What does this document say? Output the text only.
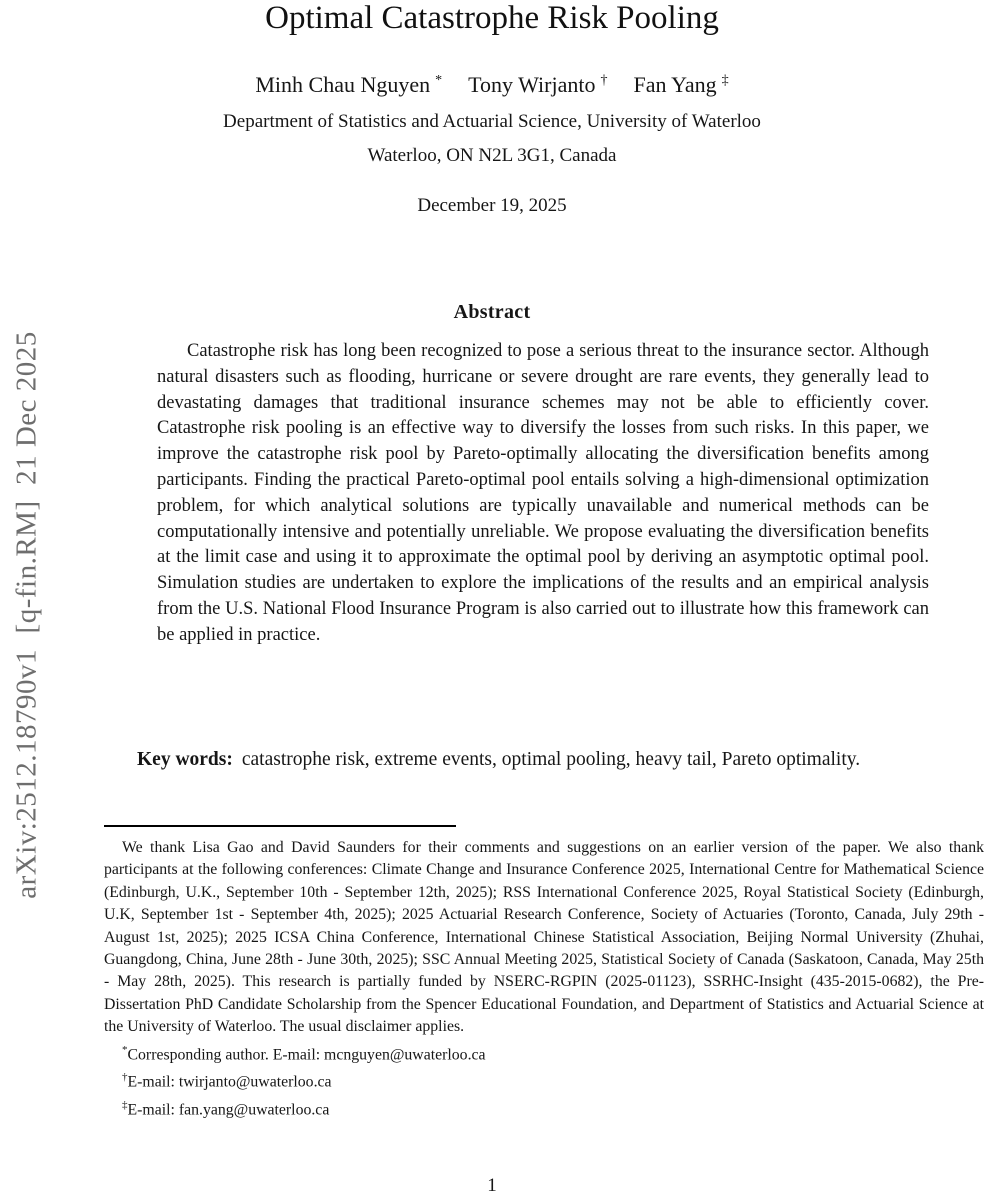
arXiv:2512.18790v1  [q-fin.RM]  21 Dec 2025
Optimal Catastrophe Risk Pooling
Minh Chau Nguyen * Tony Wirjanto † Fan Yang ‡
Department of Statistics and Actuarial Science, University of Waterloo
Waterloo, ON N2L 3G1, Canada
December 19, 2025
Abstract
Catastrophe risk has long been recognized to pose a serious threat to the insurance sector. Although natural disasters such as flooding, hurricane or severe drought are rare events, they generally lead to devastating damages that traditional insurance schemes may not be able to efficiently cover. Catastrophe risk pooling is an effective way to diversify the losses from such risks. In this paper, we improve the catastrophe risk pool by Pareto-optimally allocating the diversification benefits among participants. Finding the practical Pareto-optimal pool entails solving a high-dimensional optimization problem, for which analytical solutions are typically unavailable and numerical methods can be computationally intensive and potentially unreliable. We propose evaluating the diversification benefits at the limit case and using it to approximate the optimal pool by deriving an asymptotic optimal pool. Simulation studies are undertaken to explore the implications of the results and an empirical analysis from the U.S. National Flood Insurance Program is also carried out to illustrate how this framework can be applied in practice.
Key words: catastrophe risk, extreme events, optimal pooling, heavy tail, Pareto optimality.

We thank Lisa Gao and David Saunders for their comments and suggestions on an earlier version of the paper. We also thank participants at the following conferences: Climate Change and Insurance Conference 2025, International Centre for Mathematical Science (Edinburgh, U.K., September 10th - September 12th, 2025); RSS International Conference 2025, Royal Statistical Society (Edinburgh, U.K, September 1st - September 4th, 2025); 2025 Actuarial Research Conference, Society of Actuaries (Toronto, Canada, July 29th - August 1st, 2025); 2025 ICSA China Conference, International Chinese Statistical Association, Beijing Normal University (Zhuhai, Guangdong, China, June 28th - June 30th, 2025); SSC Annual Meeting 2025, Statistical Society of Canada (Saskatoon, Canada, May 25th - May 28th, 2025). This research is partially funded by NSERC-RGPIN (2025-01123), SSRHC-Insight (435-2015-0682), the Pre-Dissertation PhD Candidate Scholarship from the Spencer Educational Foundation, and Department of Statistics and Actuarial Science at the University of Waterloo. The usual disclaimer applies.

*Corresponding author. E-mail: mcnguyen@uwaterloo.ca

†E-mail: twirjanto@uwaterloo.ca

‡E-mail: fan.yang@uwaterloo.ca

1
